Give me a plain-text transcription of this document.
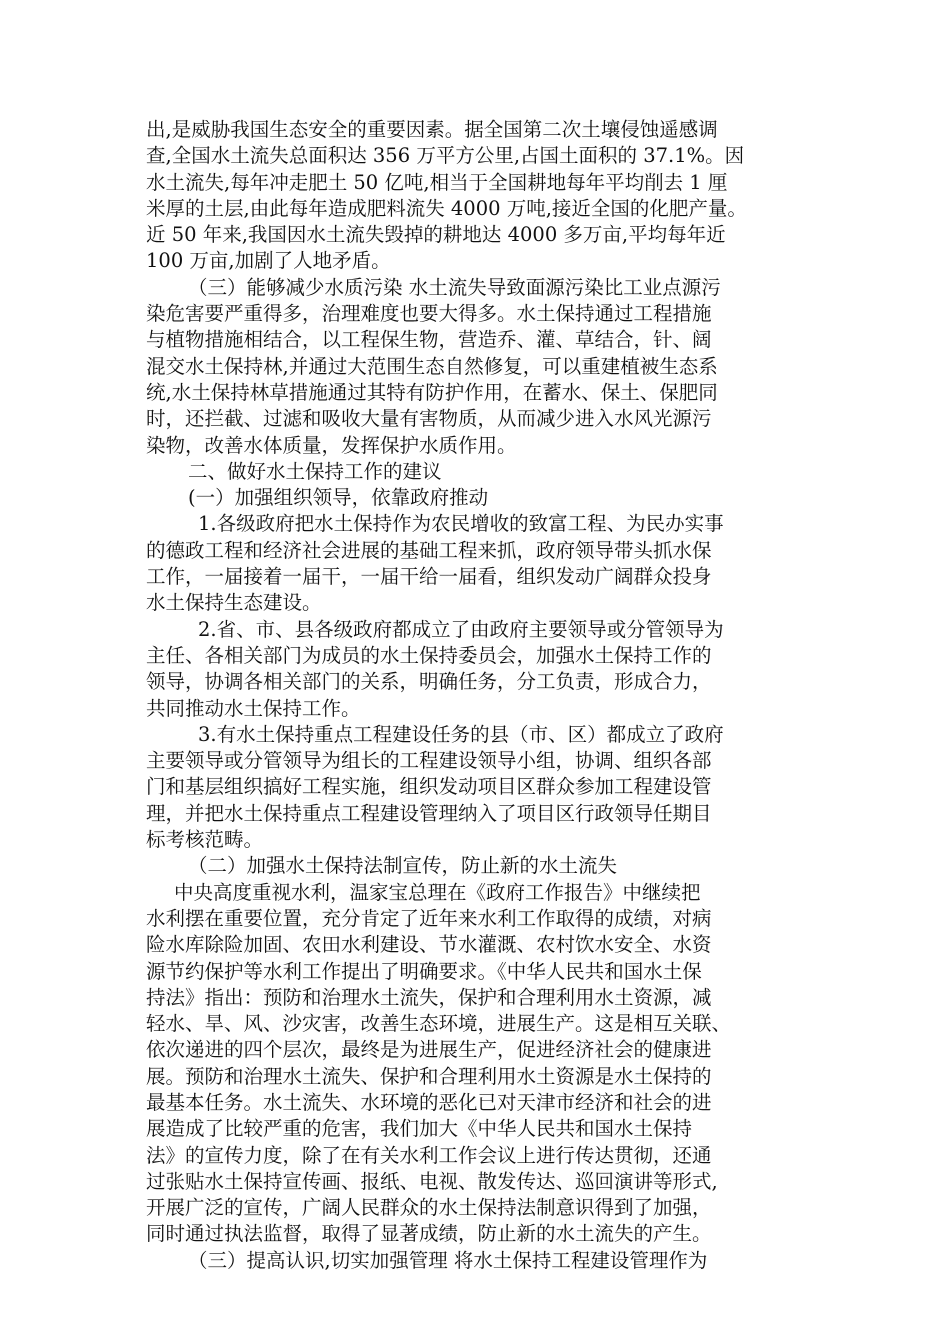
出,是威胁我国生态安全的重要因素。据全国第二次土壤侵蚀遥感调
查,全国水土流失总面积达 356 万平方公里,占国土面积的 37.1%。因
水土流失,每年冲走肥土 50 亿吨,相当于全国耕地每年平均削去 1 厘
米厚的土层,由此每年造成肥料流失 4000 万吨,接近全国的化肥产量。
近 50 年来,我国因水土流失毁掉的耕地达 4000 多万亩,平均每年近
100 万亩,加剧了人地矛盾。
（三）能够减少水质污染 水土流失导致面源污染比工业点源污
染危害要严重得多，治理难度也要大得多。水土保持通过工程措施
与植物措施相结合，以工程保生物，营造乔、灌、草结合，针、阔
混交水土保持林,并通过大范围生态自然修复，可以重建植被生态系
统,水土保持林草措施通过其特有防护作用，在蓄水、保土、保肥同
时，还拦截、过滤和吸收大量有害物质，从而减少进入水风光源污
染物，改善水体质量，发挥保护水质作用。
二、做好水土保持工作的建议
(一）加强组织领导，依靠政府推动
1.各级政府把水土保持作为农民增收的致富工程、为民办实事
的德政工程和经济社会进展的基础工程来抓，政府领导带头抓水保
工作，一届接着一届干，一届干给一届看，组织发动广阔群众投身
水土保持生态建设。
2.省、市、县各级政府都成立了由政府主要领导或分管领导为
主任、各相关部门为成员的水土保持委员会，加强水土保持工作的
领导，协调各相关部门的关系，明确任务，分工负责，形成合力，
共同推动水土保持工作。
3.有水土保持重点工程建设任务的县（市、区）都成立了政府
主要领导或分管领导为组长的工程建设领导小组，协调、组织各部
门和基层组织搞好工程实施，组织发动项目区群众参加工程建设管
理，并把水土保持重点工程建设管理纳入了项目区行政领导任期目
标考核范畴。
（二）加强水土保持法制宣传，防止新的水土流失
中央高度重视水利，温家宝总理在《政府工作报告》中继续把
水利摆在重要位置，充分肯定了近年来水利工作取得的成绩，对病
险水库除险加固、农田水利建设、节水灌溉、农村饮水安全、水资
源节约保护等水利工作提出了明确要求。《中华人民共和国水土保
持法》指出：预防和治理水土流失，保护和合理利用水土资源，减
轻水、旱、风、沙灾害，改善生态环境，进展生产。这是相互关联、
依次递进的四个层次，最终是为进展生产，促进经济社会的健康进
展。预防和治理水土流失、保护和合理利用水土资源是水土保持的
最基本任务。水土流失、水环境的恶化已对天津市经济和社会的进
展造成了比较严重的危害，我们加大《中华人民共和国水土保持
法》的宣传力度，除了在有关水利工作会议上进行传达贯彻，还通
过张贴水土保持宣传画、报纸、电视、散发传达、巡回演讲等形式,
开展广泛的宣传，广阔人民群众的水土保持法制意识得到了加强，
同时通过执法监督，取得了显著成绩，防止新的水土流失的产生。
（三）提高认识,切实加强管理 将水土保持工程建设管理作为
